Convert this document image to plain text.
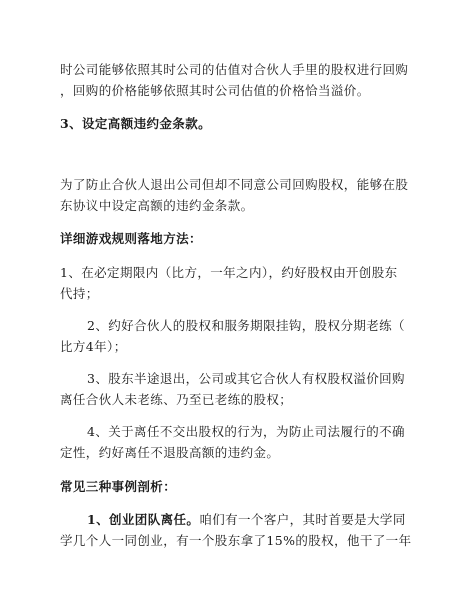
时公司能够依照其时公司的估值对合伙人手里的股权进行回购
，回购的价格能够依照其时公司估值的价格恰当溢价。
3、设定高额违约金条款。
为了防止合伙人退出公司但却不同意公司回购股权，能够在股
东协议中设定高额的违约金条款。
详细游戏规则落地方法：
1、在必定期限内（比方，一年之内），约好股权由开创股东
代持；
2、约好合伙人的股权和服务期限挂钩，股权分期老练（
比方4年）；
3、股东半途退出，公司或其它合伙人有权股权溢价回购
离任合伙人未老练、乃至已老练的股权；
4、关于离任不交出股权的行为，为防止司法履行的不确
定性，约好离任不退股高额的违约金。
常见三种事例剖析：
1、创业团队离任。咱们有一个客户，其时首要是大学同
学几个人一同创业，有一个股东拿了15%的股权，他干了一年
